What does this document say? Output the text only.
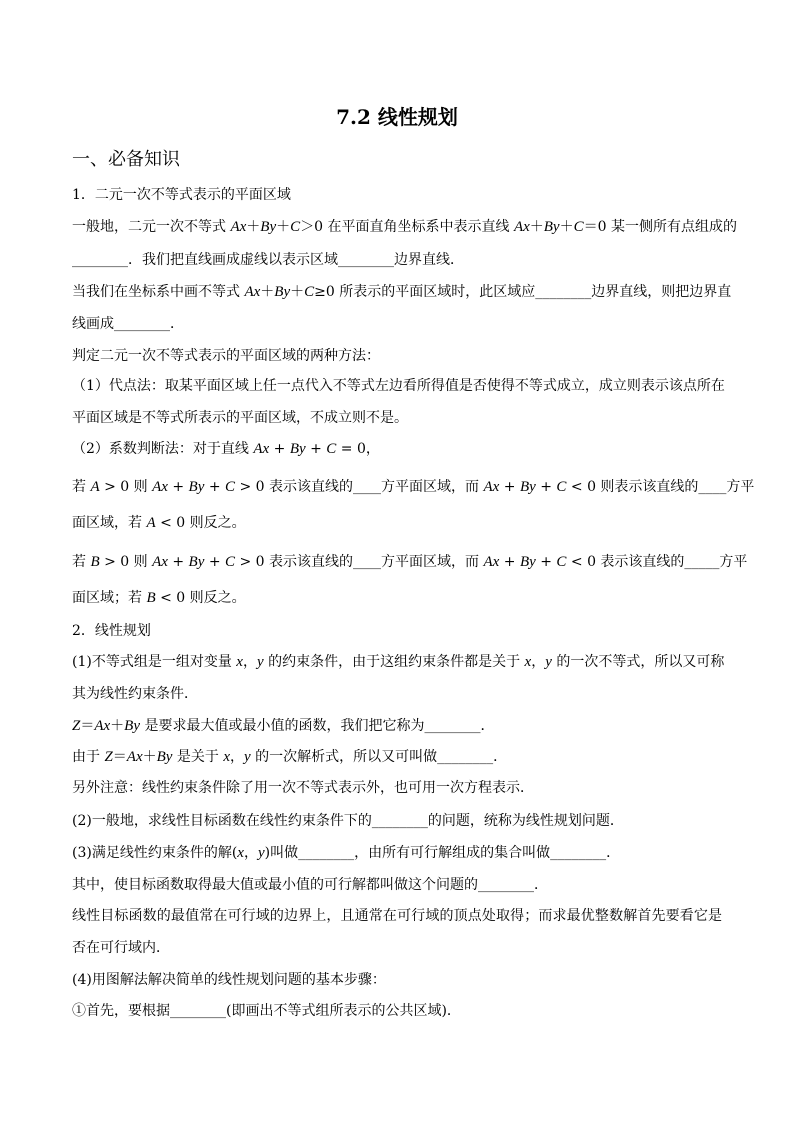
7.2 线性规划
一、必备知识
1．二元一次不等式表示的平面区域
一般地，二元一次不等式 Ax＋By＋C＞0 在平面直角坐标系中表示直线 Ax＋By＋C＝0 某一侧所有点组成的
________．我们把直线画成虚线以表示区域________边界直线．
当我们在坐标系中画不等式 Ax＋By＋C≥0 所表示的平面区域时，此区域应________边界直线，则把边界直
线画成________．
判定二元一次不等式表示的平面区域的两种方法：
（1）代点法：取某平面区域上任一点代入不等式左边看所得值是否使得不等式成立，成立则表示该点所在
平面区域是不等式所表示的平面区域，不成立则不是。
（2）系数判断法：对于直线 Ax + By + C = 0，
若 A > 0 则 Ax + By + C > 0 表示该直线的____方平面区域，而 Ax + By + C < 0 则表示该直线的____方平
面区域，若 A < 0 则反之。
若 B > 0 则 Ax + By + C > 0 表示该直线的____方平面区域，而 Ax + By + C < 0 表示该直线的_____方平
面区域；若 B < 0 则反之。
2．线性规划
(1)不等式组是一组对变量 x，y 的约束条件，由于这组约束条件都是关于 x，y 的一次不等式，所以又可称
其为线性约束条件．
Z＝Ax＋By 是要求最大值或最小值的函数，我们把它称为________．
由于 Z＝Ax＋By 是关于 x，y 的一次解析式，所以又可叫做________．
另外注意：线性约束条件除了用一次不等式表示外，也可用一次方程表示．
(2)一般地，求线性目标函数在线性约束条件下的________的问题，统称为线性规划问题．
(3)满足线性约束条件的解(x，y)叫做________，由所有可行解组成的集合叫做________．
其中，使目标函数取得最大值或最小值的可行解都叫做这个问题的________．
线性目标函数的最值常在可行域的边界上，且通常在可行域的顶点处取得；而求最优整数解首先要看它是
否在可行域内．
(4)用图解法解决简单的线性规划问题的基本步骤：
①首先，要根据________(即画出不等式组所表示的公共区域)．
